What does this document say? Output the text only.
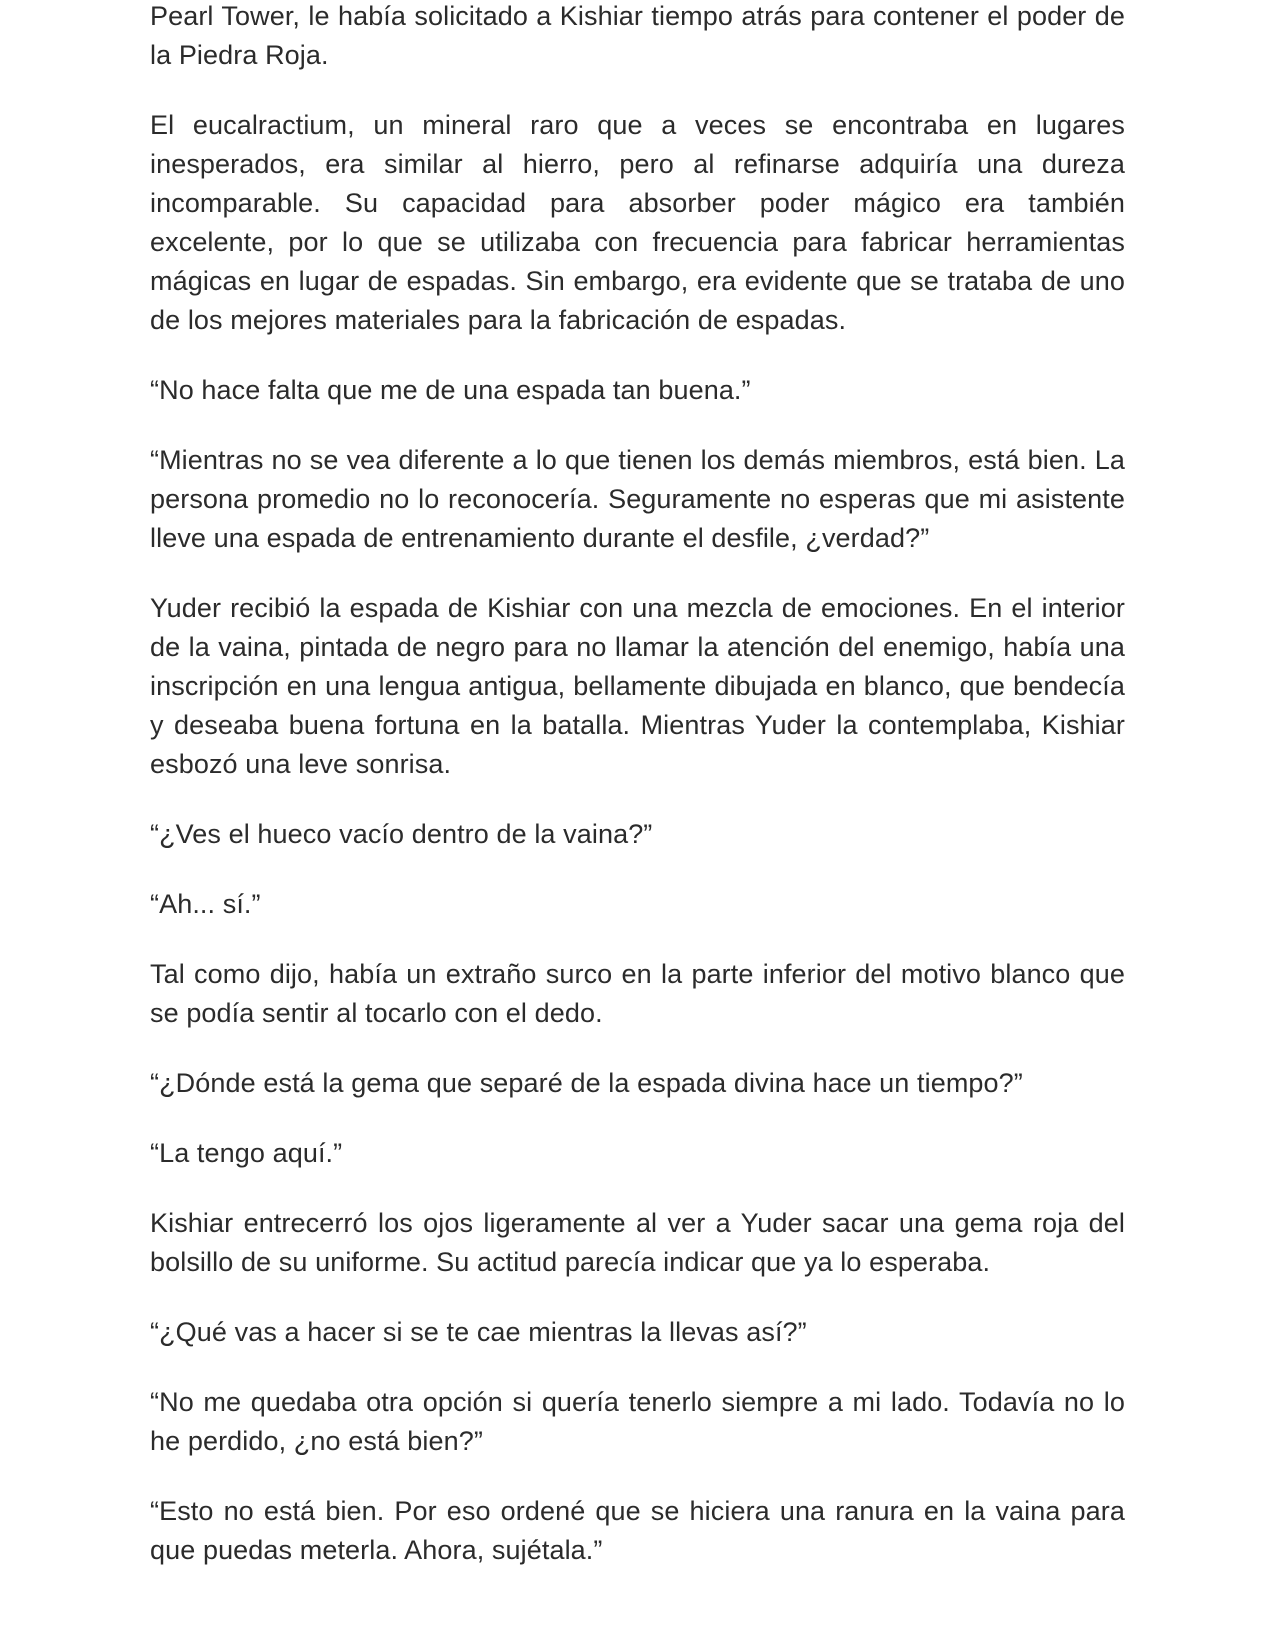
Pearl Tower, le había solicitado a Kishiar tiempo atrás para contener el poder de la Piedra Roja.

El eucalractium, un mineral raro que a veces se encontraba en lugares inesperados, era similar al hierro, pero al refinarse adquiría una dureza incomparable. Su capacidad para absorber poder mágico era también excelente, por lo que se utilizaba con frecuencia para fabricar herramientas mágicas en lugar de espadas. Sin embargo, era evidente que se trataba de uno de los mejores materiales para la fabricación de espadas.

“No hace falta que me de una espada tan buena.”

“Mientras no se vea diferente a lo que tienen los demás miembros, está bien. La persona promedio no lo reconocería. Seguramente no esperas que mi asistente lleve una espada de entrenamiento durante el desfile, ¿verdad?”

Yuder recibió la espada de Kishiar con una mezcla de emociones. En el interior de la vaina, pintada de negro para no llamar la atención del enemigo, había una inscripción en una lengua antigua, bellamente dibujada en blanco, que bendecía y deseaba buena fortuna en la batalla. Mientras Yuder la contemplaba, Kishiar esbozó una leve sonrisa.

“¿Ves el hueco vacío dentro de la vaina?”

“Ah... sí.”

Tal como dijo, había un extraño surco en la parte inferior del motivo blanco que se podía sentir al tocarlo con el dedo.

“¿Dónde está la gema que separé de la espada divina hace un tiempo?”

“La tengo aquí.”

Kishiar entrecerró los ojos ligeramente al ver a Yuder sacar una gema roja del bolsillo de su uniforme. Su actitud parecía indicar que ya lo esperaba.

“¿Qué vas a hacer si se te cae mientras la llevas así?”

“No me quedaba otra opción si quería tenerlo siempre a mi lado. Todavía no lo he perdido, ¿no está bien?”

“Esto no está bien. Por eso ordené que se hiciera una ranura en la vaina para que puedas meterla. Ahora, sujétala.”
